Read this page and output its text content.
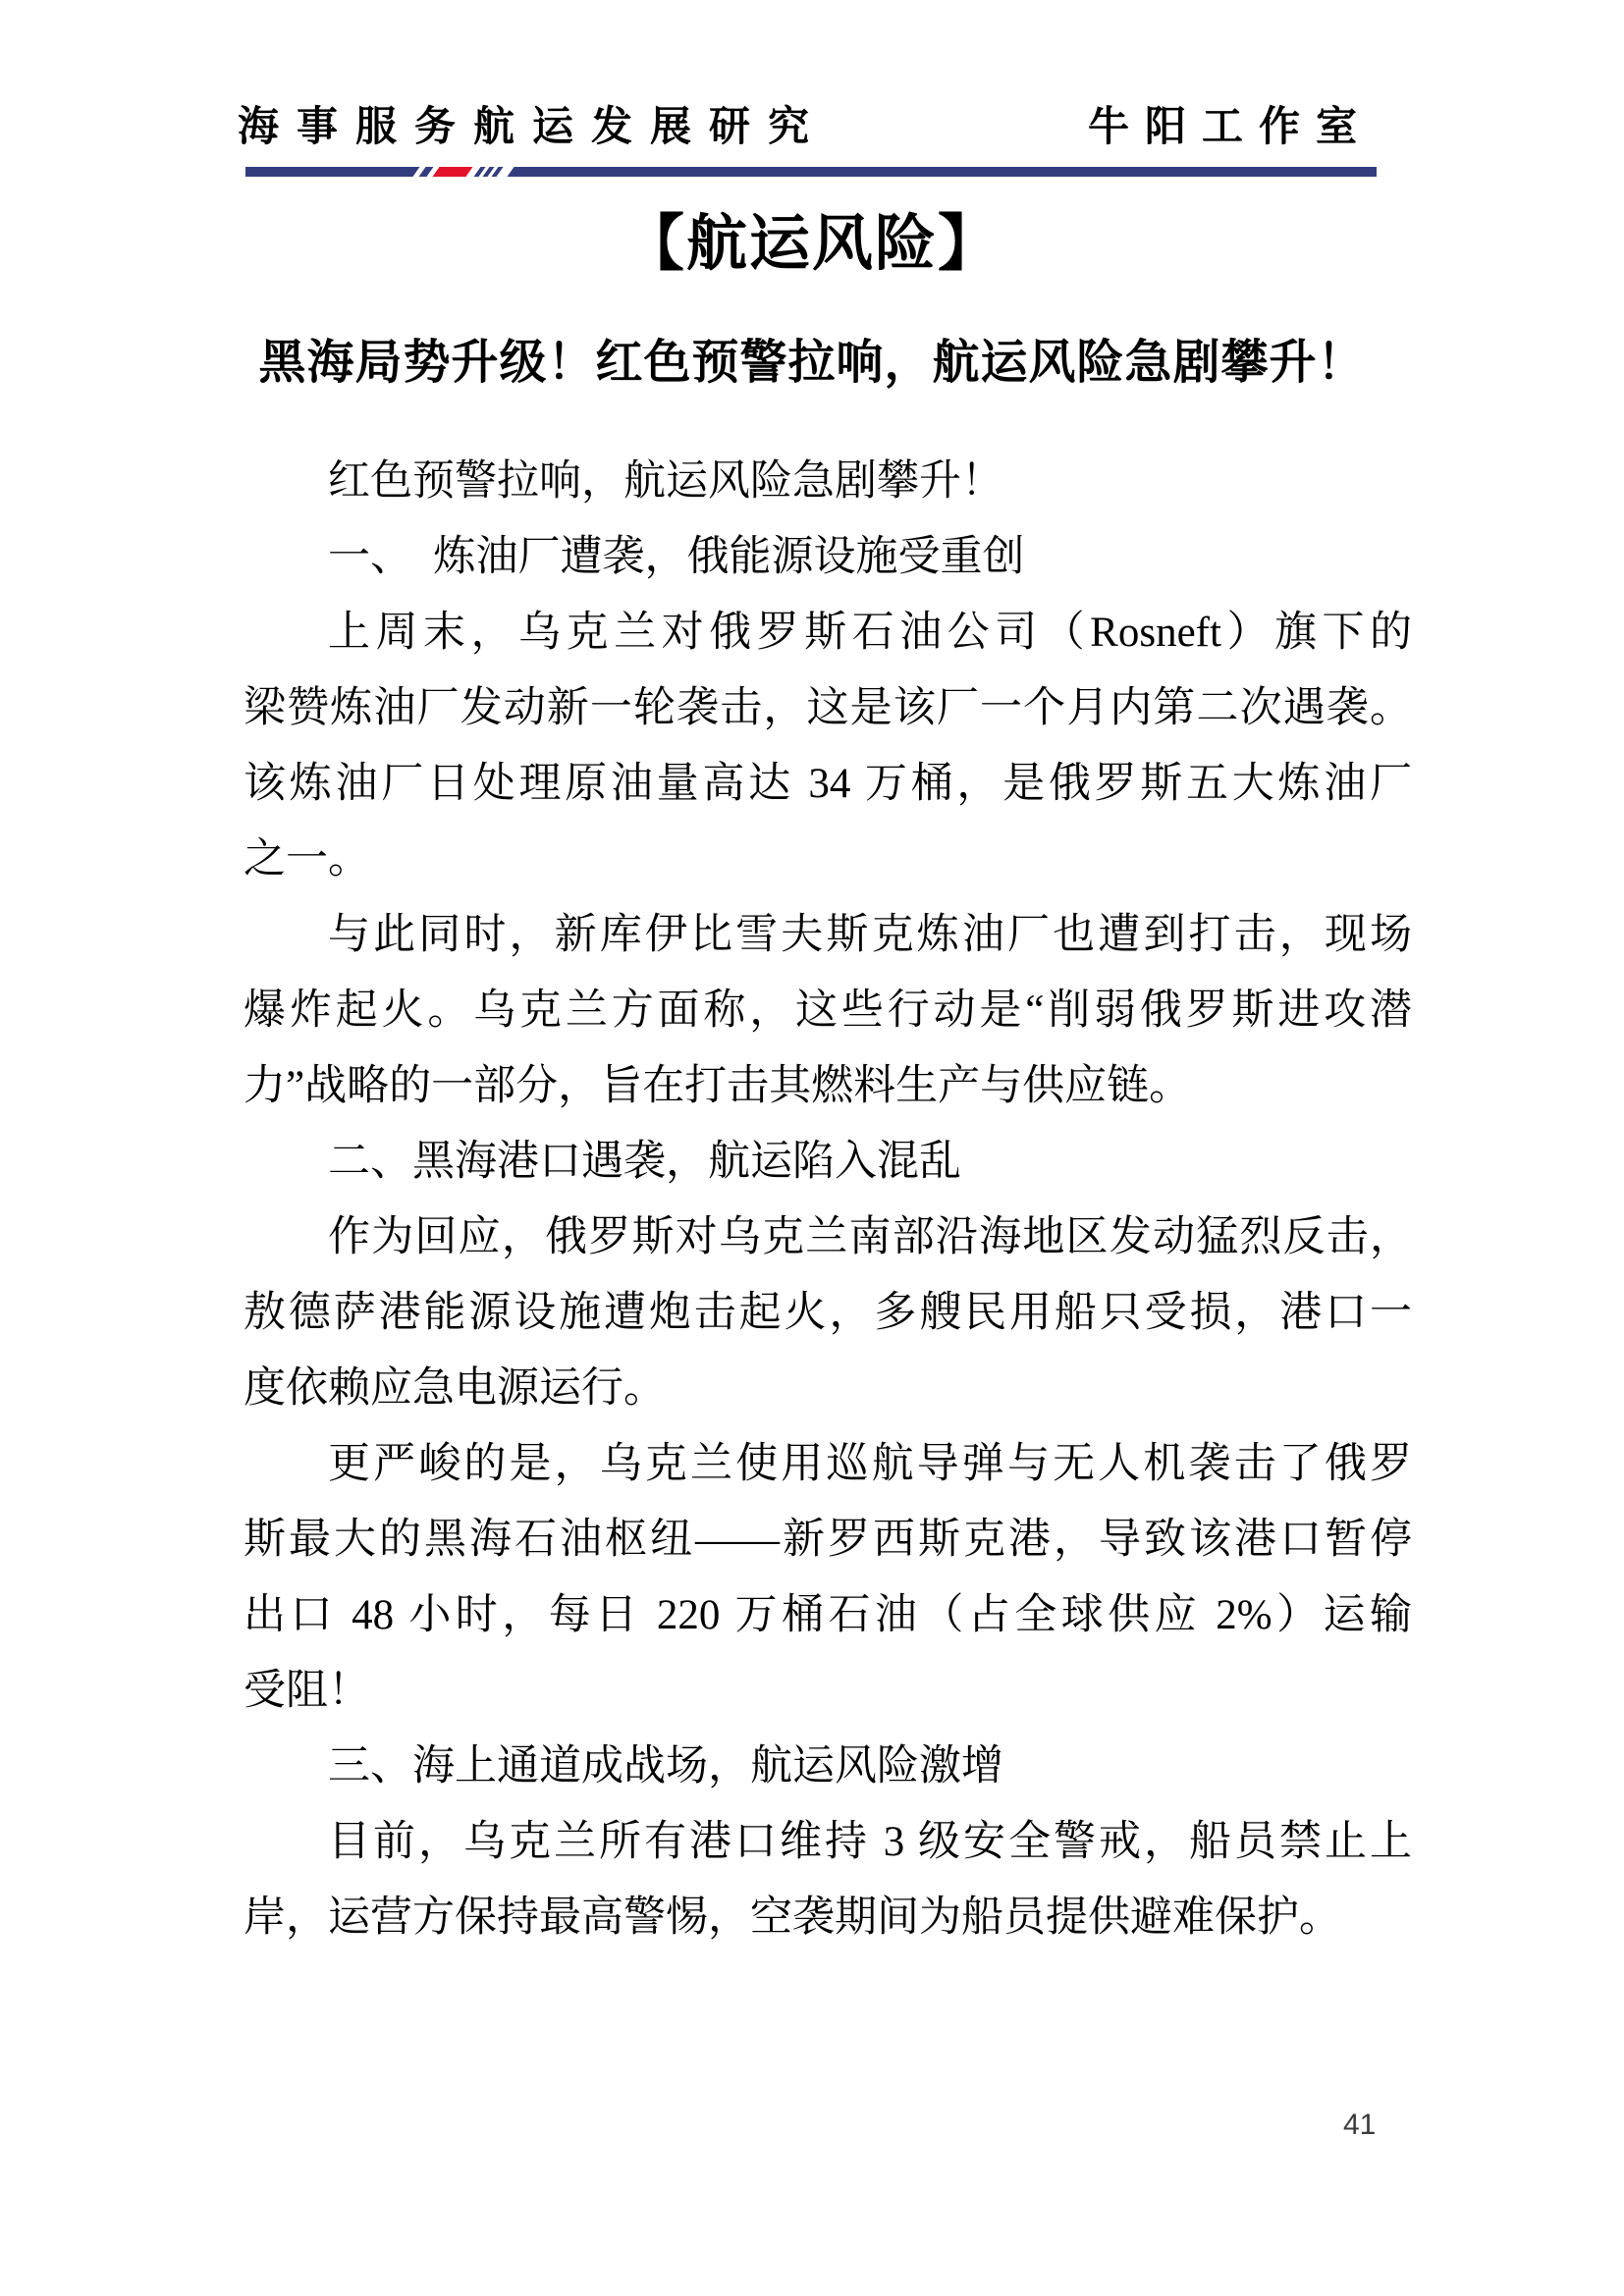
海事服务航运发展研究	牛阳工作室
【航运风险】
黑海局势升级！红色预警拉响，航运风险急剧攀升！
红色预警拉响，航运风险急剧攀升！
一、　炼油厂遭袭，俄能源设施受重创
上周末，乌克兰对俄罗斯石油公司（Rosneft）旗下的
梁赞炼油厂发动新一轮袭击，这是该厂一个月内第二次遇袭。
该炼油厂日处理原油量高达 34 万桶，是俄罗斯五大炼油厂
之一。
与此同时，新库伊比雪夫斯克炼油厂也遭到打击，现场
爆炸起火。乌克兰方面称，这些行动是“削弱俄罗斯进攻潜
力”战略的一部分，旨在打击其燃料生产与供应链。
二、黑海港口遇袭，航运陷入混乱
作为回应，俄罗斯对乌克兰南部沿海地区发动猛烈反击，
敖德萨港能源设施遭炮击起火，多艘民用船只受损，港口一
度依赖应急电源运行。
更严峻的是，乌克兰使用巡航导弹与无人机袭击了俄罗
斯最大的黑海石油枢纽——新罗西斯克港，导致该港口暂停
出口 48 小时，每日 220 万桶石油（占全球供应 2%）运输
受阻！
三、海上通道成战场，航运风险激增
目前，乌克兰所有港口维持 3 级安全警戒，船员禁止上
岸，运营方保持最高警惕，空袭期间为船员提供避难保护。
41
